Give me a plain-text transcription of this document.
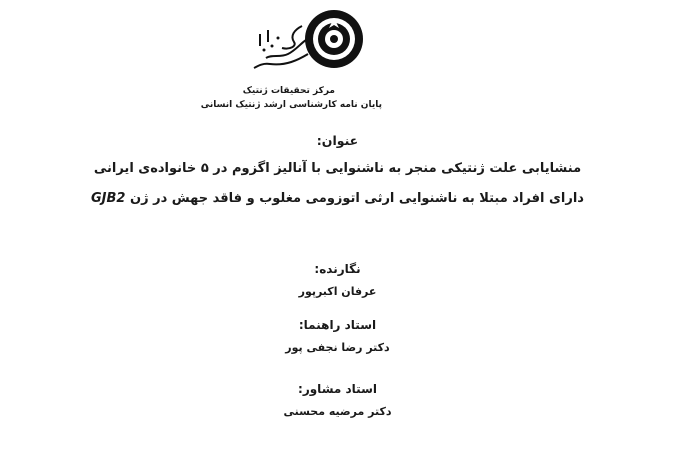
مرکز تحقیقات ژنتیک
پایان نامه کارشناسی ارشد ژنتیک انسانی
عنوان:
منشایابی علت ژنتیکی منجر به ناشنوایی با آنالیز اگزوم در ۵ خانواده‌ی ایرانی
دارای افراد مبتلا به ناشنوایی ارثی اتوزومی مغلوب و فاقد جهش در ژن GJB2
نگارنده:
عرفان اکبرپور
استاد راهنما:
دکتر رضا نجفی پور
استاد مشاور:
دکتر مرضیه محسنی
